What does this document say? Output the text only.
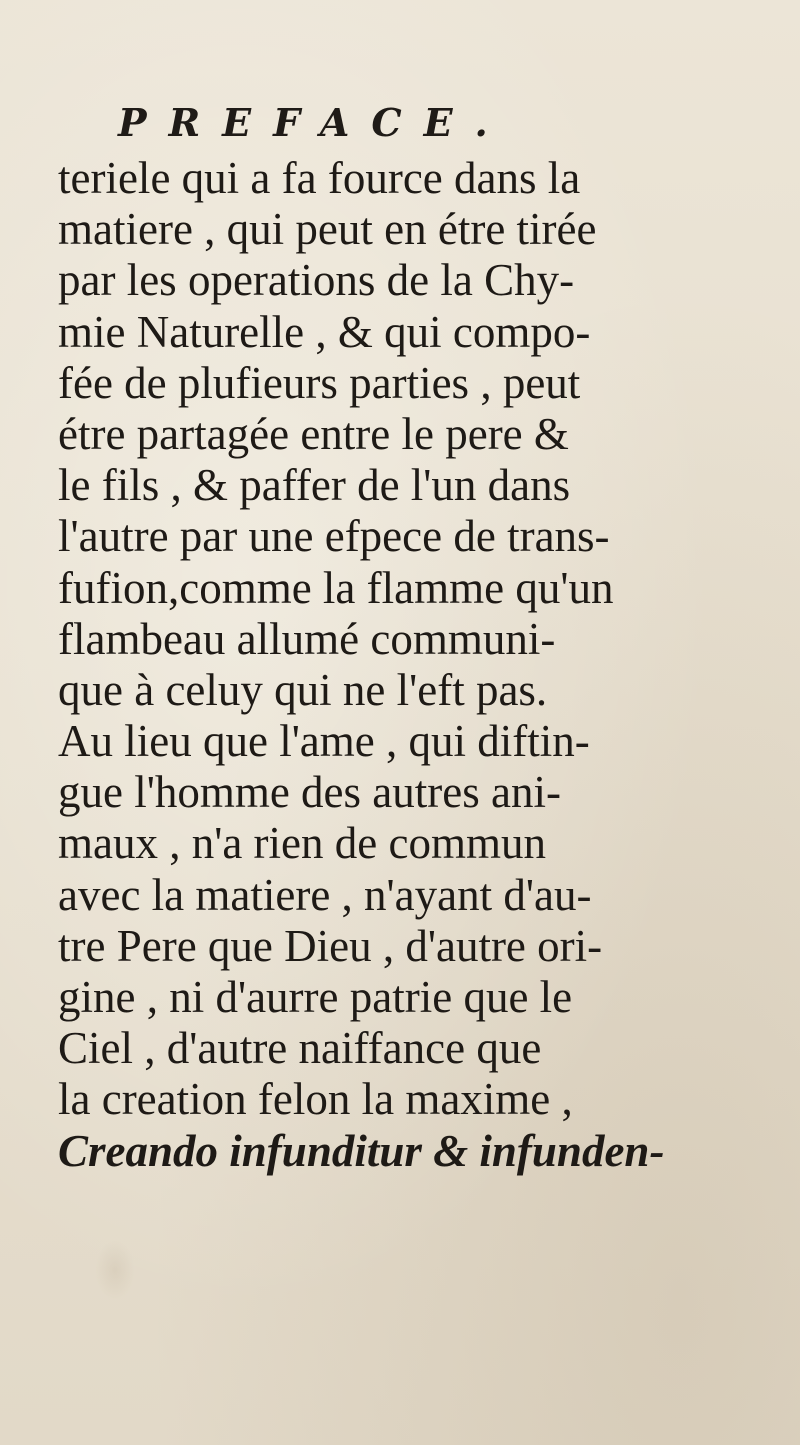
PREFACE.
teriele qui a fa fource dans la
matiere , qui peut en étre tirée
par les operations de la Chy-
mie Naturelle , & qui compo-
fée de plufieurs parties , peut
étre partagée entre le pere &
le fils , & paffer de l'un dans
l'autre par une efpece de trans-
fufion,comme la flamme qu'un
flambeau allumé communi-
que à celuy qui ne l'eft pas.
Au lieu que l'ame , qui diftin-
gue l'homme des autres ani-
maux , n'a rien de commun
avec la matiere , n'ayant d'au-
tre Pere que Dieu , d'autre ori-
gine , ni d'aurre patrie que le
Ciel , d'autre naiffance que
la creation felon la maxime ,
Creando infunditur & infunden-
